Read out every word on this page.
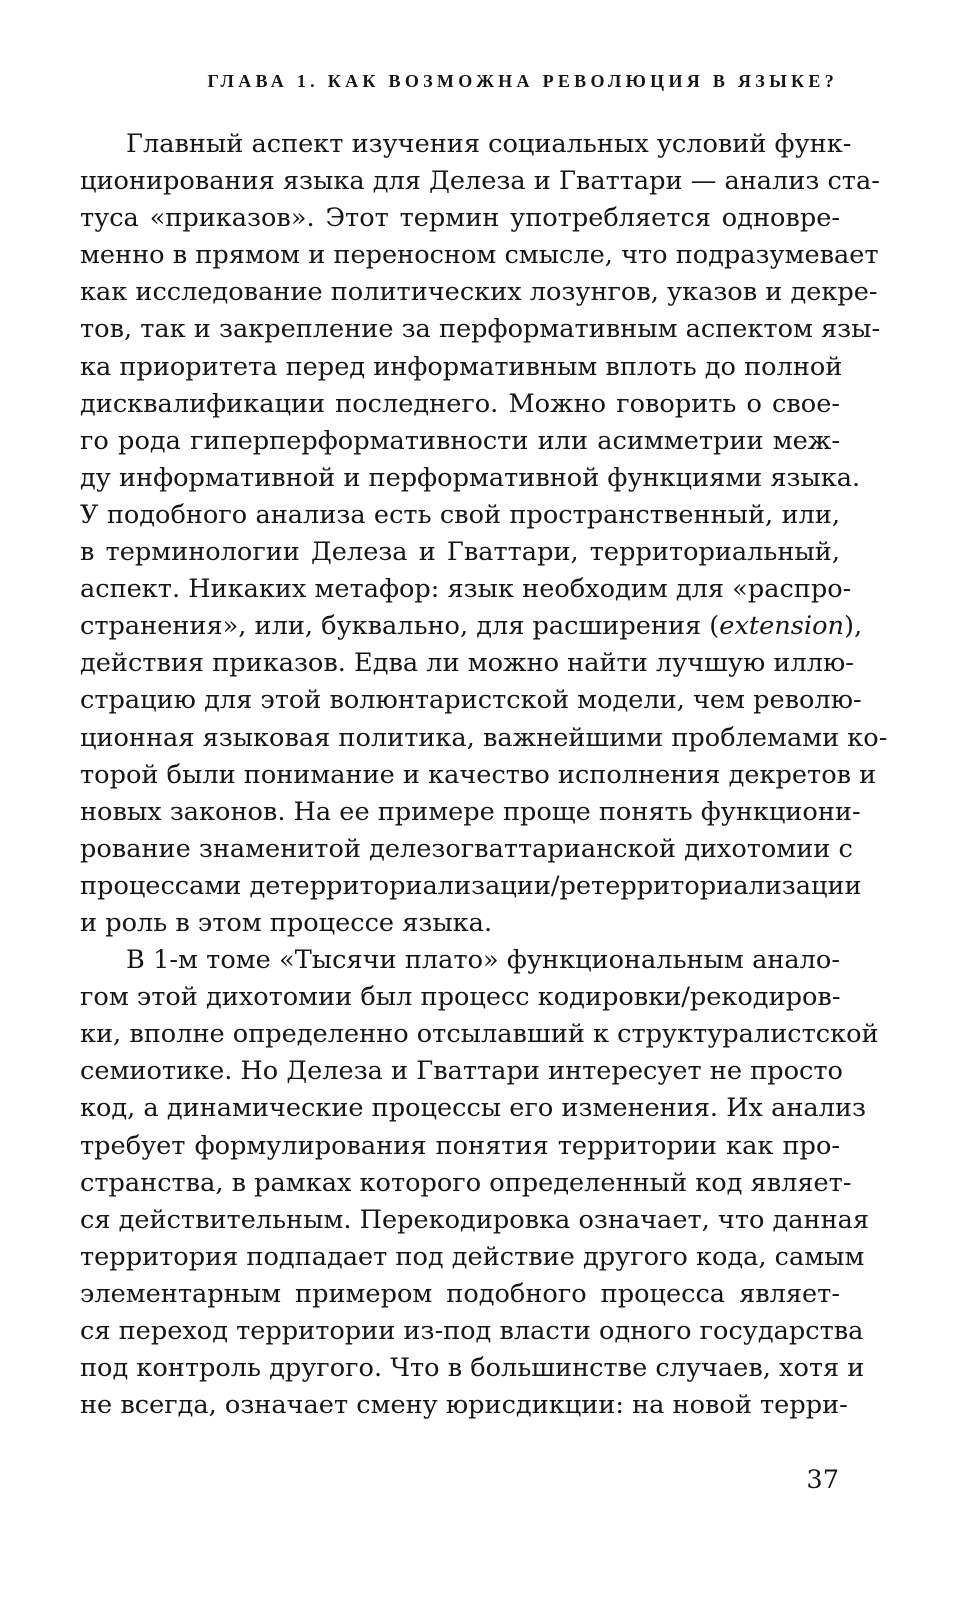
ГЛАВА 1. КАК ВОЗМОЖНА РЕВОЛЮЦИЯ В ЯЗЫКЕ?
Главный аспект изучения социальных условий функ-
ционирования языка для Делеза и Гваттари — анализ ста-
туса «приказов». Этот термин употребляется одновре-
менно в прямом и переносном смысле, что подразумевает
как исследование политических лозунгов, указов и декре-
тов, так и закрепление за перформативным аспектом язы-
ка приоритета перед информативным вплоть до полной
дисквалификации последнего. Можно говорить о свое-
го рода гиперперформативности или асимметрии меж-
ду информативной и перформативной функциями языка.
У подобного анализа есть свой пространственный, или,
в терминологии Делеза и Гваттари, территориальный,
аспект. Никаких метафор: язык необходим для «распро-
странения», или, буквально, для расширения (extension),
действия приказов. Едва ли можно найти лучшую иллю-
страцию для этой волюнтаристской модели, чем револю-
ционная языковая политика, важнейшими проблемами ко-
торой были понимание и качество исполнения декретов и
новых законов. На ее примере проще понять функциони-
рование знаменитой делезогваттарианской дихотомии с
процессами детерриториализации/ретерриториализации
и роль в этом процессе языка.
В 1-м томе «Тысячи плато» функциональным анало-
гом этой дихотомии был процесс кодировки/рекодиров-
ки, вполне определенно отсылавший к структуралистской
семиотике. Но Делеза и Гваттари интересует не просто
код, а динамические процессы его изменения. Их анализ
требует формулирования понятия территории как про-
странства, в рамках которого определенный код являет-
ся действительным. Перекодировка означает, что данная
территория подпадает под действие другого кода, самым
элементарным примером подобного процесса являет-
ся переход территории из-под власти одного государства
под контроль другого. Что в большинстве случаев, хотя и
не всегда, означает смену юрисдикции: на новой терри-
37
